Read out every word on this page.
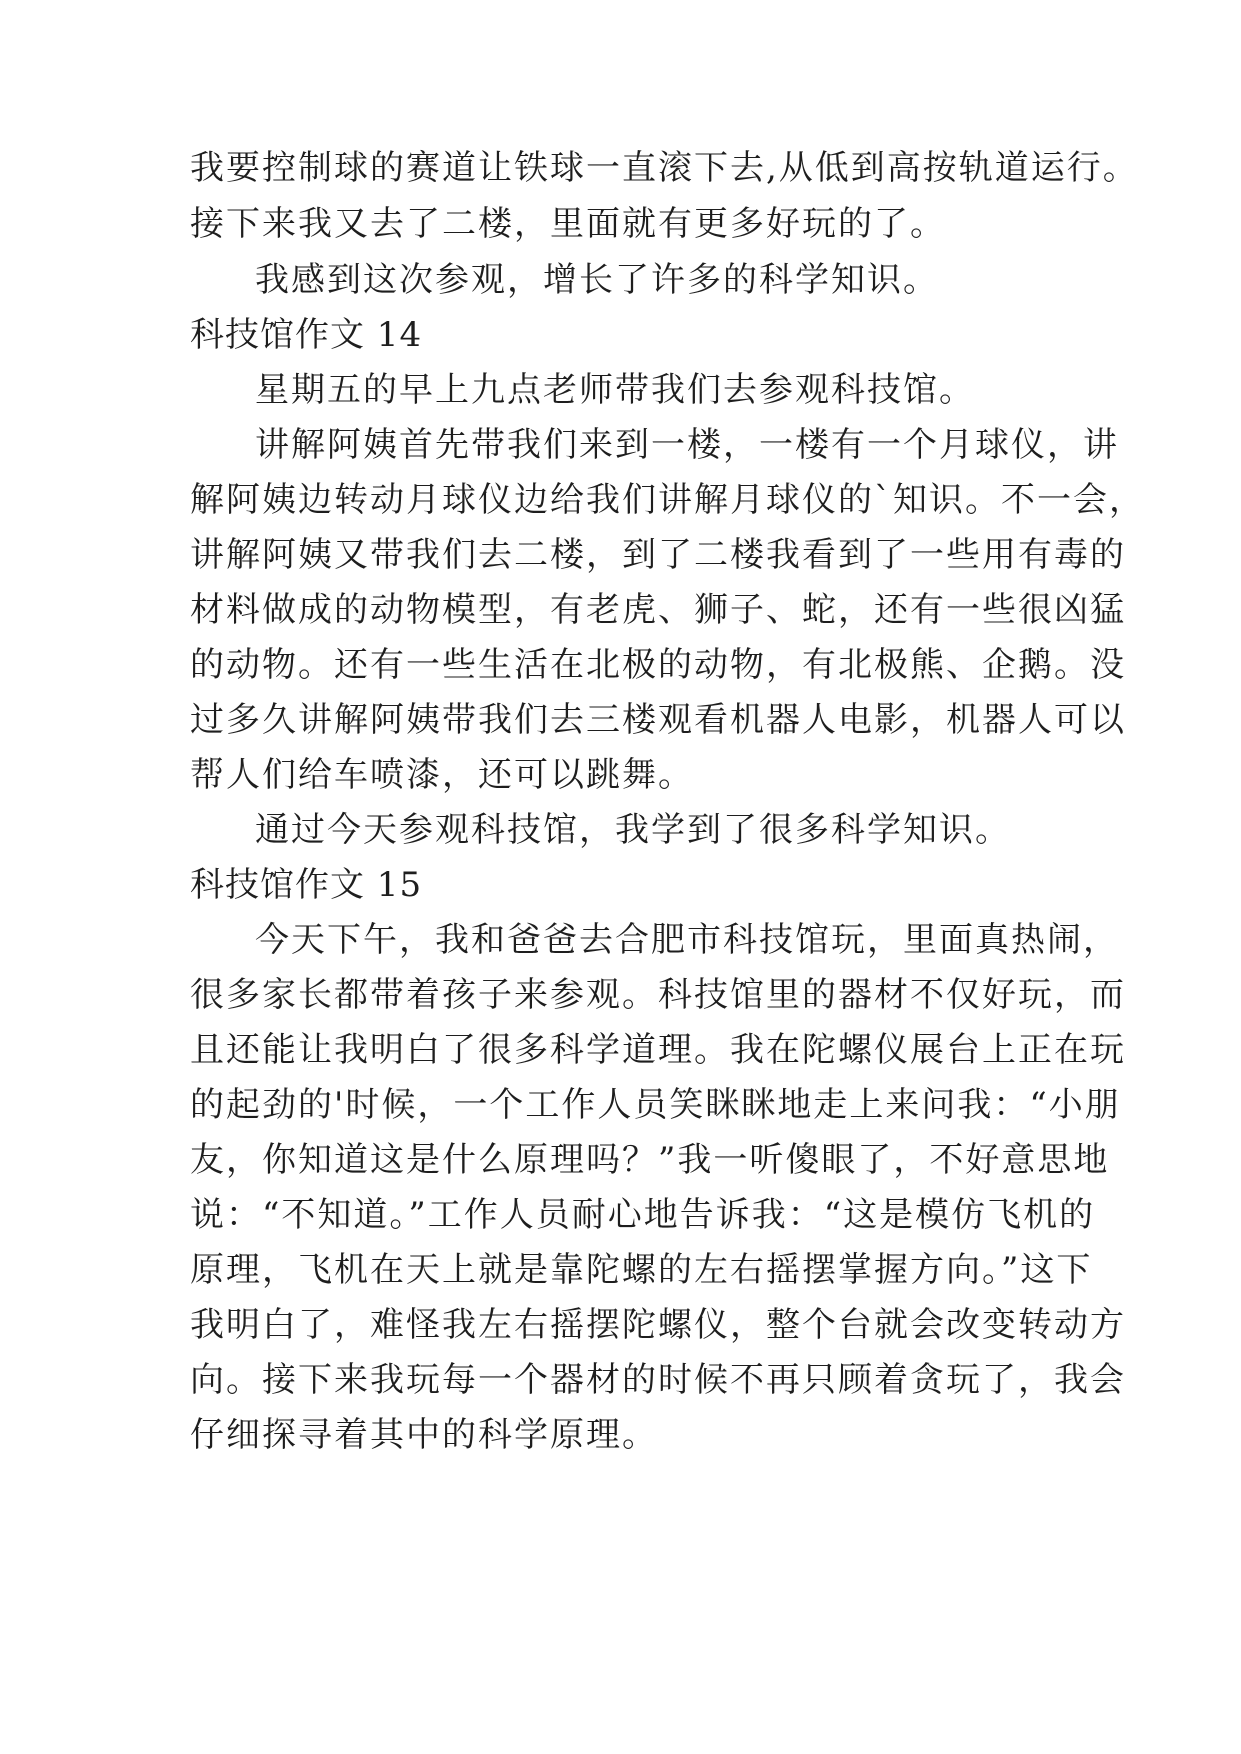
我要控制球的赛道让铁球一直滚下去,从低到高按轨道运行。

接下来我又去了二楼，里面就有更多好玩的了。

我感到这次参观，增长了许多的科学知识。

科技馆作文 14

星期五的早上九点老师带我们去参观科技馆。

讲解阿姨首先带我们来到一楼，一楼有一个月球仪，讲

解阿姨边转动月球仪边给我们讲解月球仪的`知识。不一会，

讲解阿姨又带我们去二楼，到了二楼我看到了一些用有毒的

材料做成的动物模型，有老虎、狮子、蛇，还有一些很凶猛

的动物。还有一些生活在北极的动物，有北极熊、企鹅。没

过多久讲解阿姨带我们去三楼观看机器人电影，机器人可以

帮人们给车喷漆，还可以跳舞。

通过今天参观科技馆，我学到了很多科学知识。

科技馆作文 15

今天下午，我和爸爸去合肥市科技馆玩，里面真热闹，

很多家长都带着孩子来参观。科技馆里的器材不仅好玩，而

且还能让我明白了很多科学道理。我在陀螺仪展台上正在玩

的起劲的'时候，一个工作人员笑眯眯地走上来问我：“小朋

友，你知道这是什么原理吗？”我一听傻眼了，不好意思地

说：“不知道。”工作人员耐心地告诉我：“这是模仿飞机的

原理，飞机在天上就是靠陀螺的左右摇摆掌握方向。”这下

我明白了，难怪我左右摇摆陀螺仪，整个台就会改变转动方

向。接下来我玩每一个器材的时候不再只顾着贪玩了，我会

仔细探寻着其中的科学原理。
